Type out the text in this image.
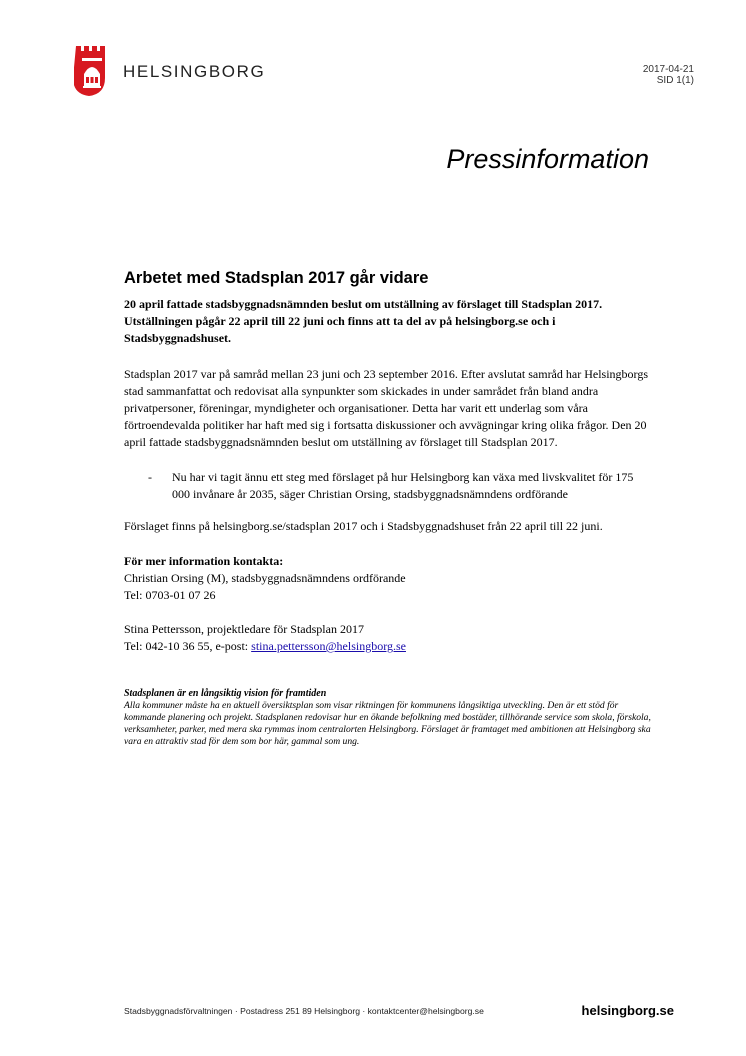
HELSINGBORG	2017-04-21
SID 1(1)
Pressinformation
Arbetet med Stadsplan 2017 går vidare

20 april fattade stadsbyggnadsnämnden beslut om utställning av förslaget till Stadsplan 2017. Utställningen pågår 22 april till 22 juni och finns att ta del av på helsingborg.se och i Stadsbyggnadshuset.

Stadsplan 2017 var på samråd mellan 23 juni och 23 september 2016. Efter avslutat samråd har Helsingborgs stad sammanfattat och redovisat alla synpunkter som skickades in under samrådet från bland andra privatpersoner, föreningar, myndigheter och organisationer. Detta har varit ett underlag som våra förtroendevalda politiker har haft med sig i fortsatta diskussioner och avvägningar kring olika frågor. Den 20 april fattade stadsbyggnadsnämnden beslut om utställning av förslaget till Stadsplan 2017.

- Nu har vi tagit ännu ett steg med förslaget på hur Helsingborg kan växa med livskvalitet för 175 000 invånare år 2035, säger Christian Orsing, stadsbyggnadsnämndens ordförande

Förslaget finns på helsingborg.se/stadsplan 2017 och i Stadsbyggnadshuset från 22 april till 22 juni.

För mer information kontakta:
Christian Orsing (M), stadsbyggnadsnämndens ordförande
Tel: 0703-01 07 26
Stina Pettersson, projektledare för Stadsplan 2017
Tel: 042-10 36 55, e-post: stina.pettersson@helsingborg.se
Stadsplanen är en långsiktig vision för framtiden
Alla kommuner måste ha en aktuell översiktsplan som visar riktningen för kommunens långsiktiga utveckling. Den är ett stöd för kommande planering och projekt. Stadsplanen redovisar hur en ökande befolkning med bostäder, tillhörande service som skola, förskola, verksamheter, parker, med mera ska rymmas inom centralorten Helsingborg. Förslaget är framtaget med ambitionen att Helsingborg ska vara en attraktiv stad för dem som bor här, gammal som ung.
Stadsbyggnadsförvaltningen · Postadress 251 89 Helsingborg · kontaktcenter@helsingborg.se	helsingborg.se
